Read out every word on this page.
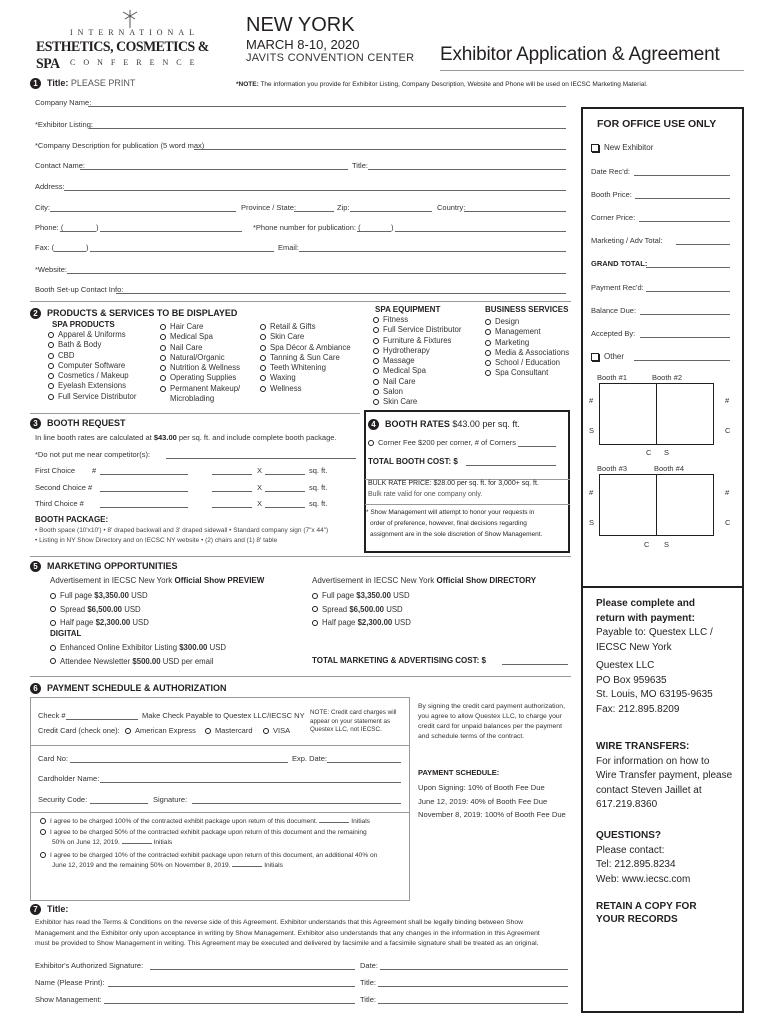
INTERNATIONAL
ESTHETICS, COSMETICS & SPA	CONFERENCE
NEW YORK
MARCH 8-10, 2020
JAVITS CONVENTION CENTER Exhibitor Application & Agreement
1 Title: PLEASE PRINT	*NOTE: The information you provide for Exhibitor Listing, Company Description, Website and Phone will be used on IECSC Marketing Material.
Company Name:
*Exhibitor Listing:
*Company Description for publication (5 word max)
Contact Name:	Title:
Address:
City:	Province / State:	Zip:	Country:
Phone: (	)	*Phone number for publication: (	)
Fax: (	)	Email:
*Website:
Booth Set-up Contact Info:
FOR OFFICE USE ONLY
New Exhibitor
Date Rec'd:
Booth Price:
Corner Price:
Marketing / Adv Total:
GRAND TOTAL:
Payment Rec'd:
Balance Due:
Accepted By:
Other
Booth #1	Booth #2
#	#
S	C
C S
Booth #3	Booth #4
#	#
S	C
C S
2 PRODUCTS & SERVICES TO BE DISPLAYED
SPA PRODUCTS
Apparel & Uniforms
Bath & Body
CBD
Computer Software
Cosmetics / Makeup
Eyelash Extensions
Full Service Distributor
Hair Care
Medical Spa
Nail Care
Natural/Organic
Nutrition & Wellness
Operating Supplies
Permanent Makeup/
Microblading
Retail & Gifts
Skin Care
Spa Décor & Ambiance
Tanning & Sun Care
Teeth Whitening
Waxing
Wellness
SPA EQUIPMENT
Fitness
Full Service Distributor
Furniture & Fixtures
Hydrotherapy
Massage
Medical Spa
Nail Care
Salon
Skin Care
BUSINESS SERVICES
Design
Management
Marketing
Media & Associations
School / Education
Spa Consultant
3 BOOTH REQUEST
In line booth rates are calculated at $43.00 per sq. ft. and include complete booth package.
*Do not put me near competitor(s):
First Choice #	X	sq. ft.
Second Choice #	X	sq. ft.
Third Choice #	X	sq. ft.
BOOTH PACKAGE:
• Booth space (10'x10') • 8' draped backwall and 3' draped sidewall • Standard company sign (7"x 44")
• Listing in NY Show Directory and on IECSC NY website • (2) chairs and (1) 8' table
4 BOOTH RATES $43.00 per sq. ft.
Corner Fee $200 per corner, # of Corners
TOTAL BOOTH COST: $
BULK RATE PRICE: $28.00 per sq. ft. for 3,000+ sq. ft.
Bulk rate valid for one company only.
* Show Management will attempt to honor your requests in
order of preference, however, final decisions regarding
assignment are in the sole discretion of Show Management.
5 MARKETING OPPORTUNITIES
Advertisement in IECSC New York Official Show PREVIEW	Advertisement in IECSC New York Official Show DIRECTORY
Full page $3,350.00 USD
Spread $6,500.00 USD
Half page $2,300.00 USD
DIGITAL
Enhanced Online Exhibitor Listing $300.00 USD
Attendee Newsletter $500.00 USD per email
Full page $3,350.00 USD
Spread $6,500.00 USD
Half page $2,300.00 USD
TOTAL MARKETING & ADVERTISING COST: $
6 PAYMENT SCHEDULE & AUTHORIZATION
Check #	Make Check Payable to Questex LLC/IECSC NY
Credit Card (check one):	American Express	Mastercard	VISA
NOTE: Credit card charges will
appear on your statement as
Questex LLC, not IECSC.
Card No:	Exp. Date:
Cardholder Name:
Security Code:	Signature:
I agree to be charged 100% of the contracted exhibit package upon return of this document.	Initials
I agree to be charged 50% of the contracted exhibit package upon return of this document and the remaining
50% on June 12, 2019.	Initials
I agree to be charged 10% of the contracted exhibit package upon return of this document, an additional 40% on
June 12, 2019 and the remaining 50% on November 8, 2019.	Initials
By signing the credit card payment authorization,
you agree to allow Questex LLC, to charge your
credit card for unpaid balances per the payment
and schedule terms of the contract.
PAYMENT SCHEDULE:
Upon Signing: 10% of Booth Fee Due
June 12, 2019: 40% of Booth Fee Due
November 8, 2019: 100% of Booth Fee Due
7 Title:
Exhibitor has read the Terms & Conditions on the reverse side of this Agreement. Exhibitor understands that this Agreement shall be legally binding between Show
Management and the Exhibitor only upon acceptance in writing by Show Management. Exhibitor also understands that any changes in the information in this Agreement
must be provided to Show Management in writing. This Agreement may be executed and delivered by facsimile and a facsimile signature shall be treated as an original.
Exhibitor's Authorized Signature:	Date:
Name (Please Print):	Title:
Show Management:	Title:
Please complete and
return with payment:
Payable to: Questex LLC /
IECSC New York
Questex LLC
PO Box 959635
St. Louis, MO 63195-9635
Fax: 212.895.8209
WIRE TRANSFERS:
For information on how to
Wire Transfer payment, please
contact Steven Jaillet at
617.219.8360
QUESTIONS?
Please contact:
Tel: 212.895.8234
Web: www.iecsc.com
RETAIN A COPY FOR
YOUR RECORDS
